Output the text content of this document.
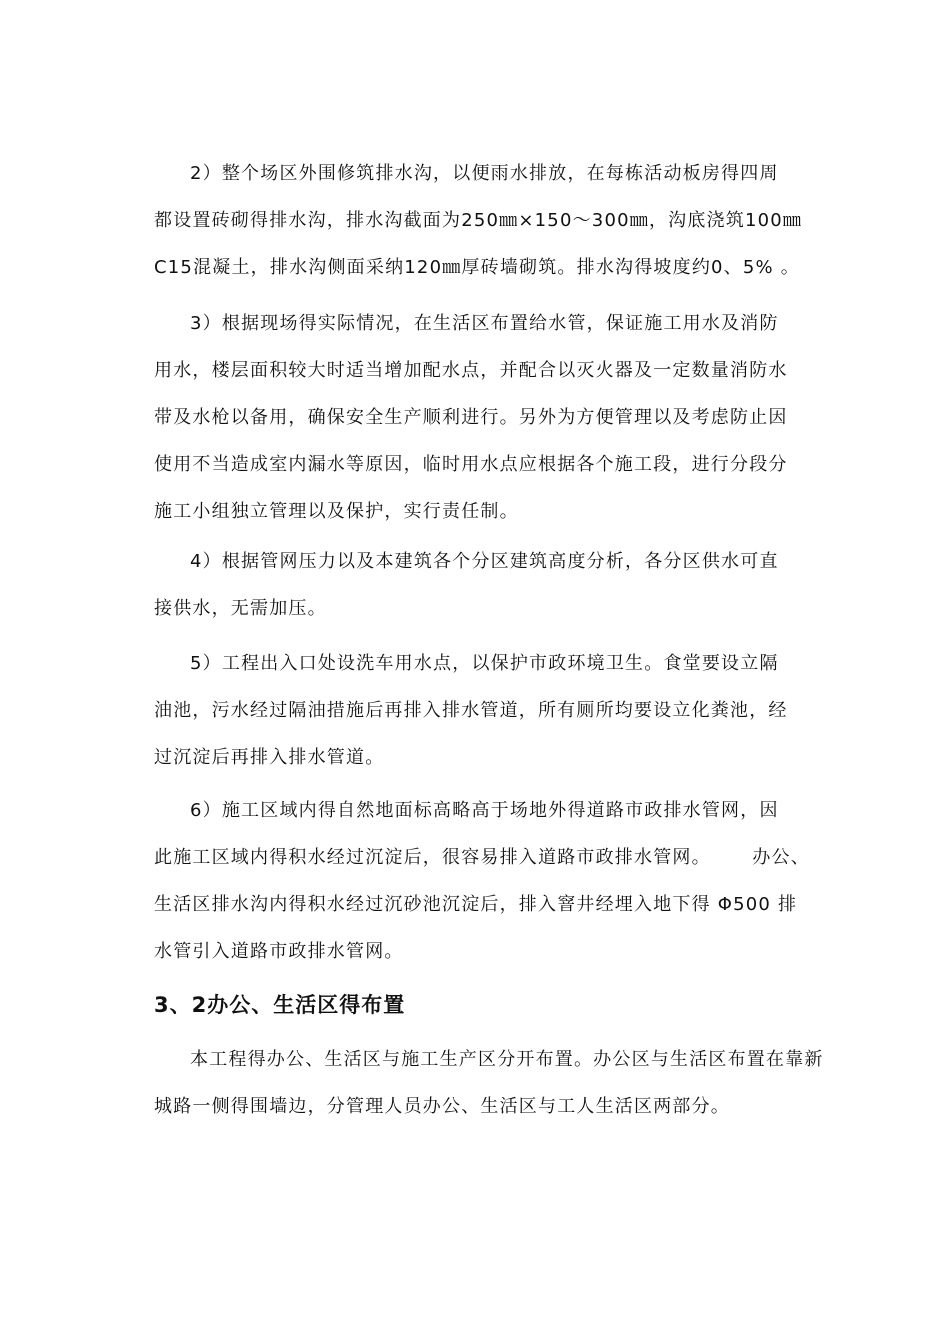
2）整个场区外围修筑排水沟，以便雨水排放，在每栋活动板房得四周
都设置砖砌得排水沟，排水沟截面为250㎜×150～300㎜，沟底浇筑100㎜
C15混凝土，排水沟侧面采纳120㎜厚砖墙砌筑。排水沟得坡度约0、5% 。
3）根据现场得实际情况，在生活区布置给水管，保证施工用水及消防
用水，楼层面积较大时适当增加配水点，并配合以灭火器及一定数量消防水
带及水枪以备用，确保安全生产顺利进行。另外为方便管理以及考虑防止因
使用不当造成室内漏水等原因，临时用水点应根据各个施工段，进行分段分
施工小组独立管理以及保护，实行责任制。
4）根据管网压力以及本建筑各个分区建筑高度分析，各分区供水可直
接供水，无需加压。
5）工程出入口处设洗车用水点，以保护市政环境卫生。食堂要设立隔
油池，污水经过隔油措施后再排入排水管道，所有厕所均要设立化粪池，经
过沉淀后再排入排水管道。
6）施工区域内得自然地面标高略高于场地外得道路市政排水管网，因
此施工区域内得积水经过沉淀后，很容易排入道路市政排水管网。      办公、
生活区排水沟内得积水经过沉砂池沉淀后，排入窨井经埋入地下得 Φ500 排
水管引入道路市政排水管网。
3、2办公、生活区得布置
本工程得办公、生活区与施工生产区分开布置。办公区与生活区布置在靠新
城路一侧得围墙边，分管理人员办公、生活区与工人生活区两部分。
